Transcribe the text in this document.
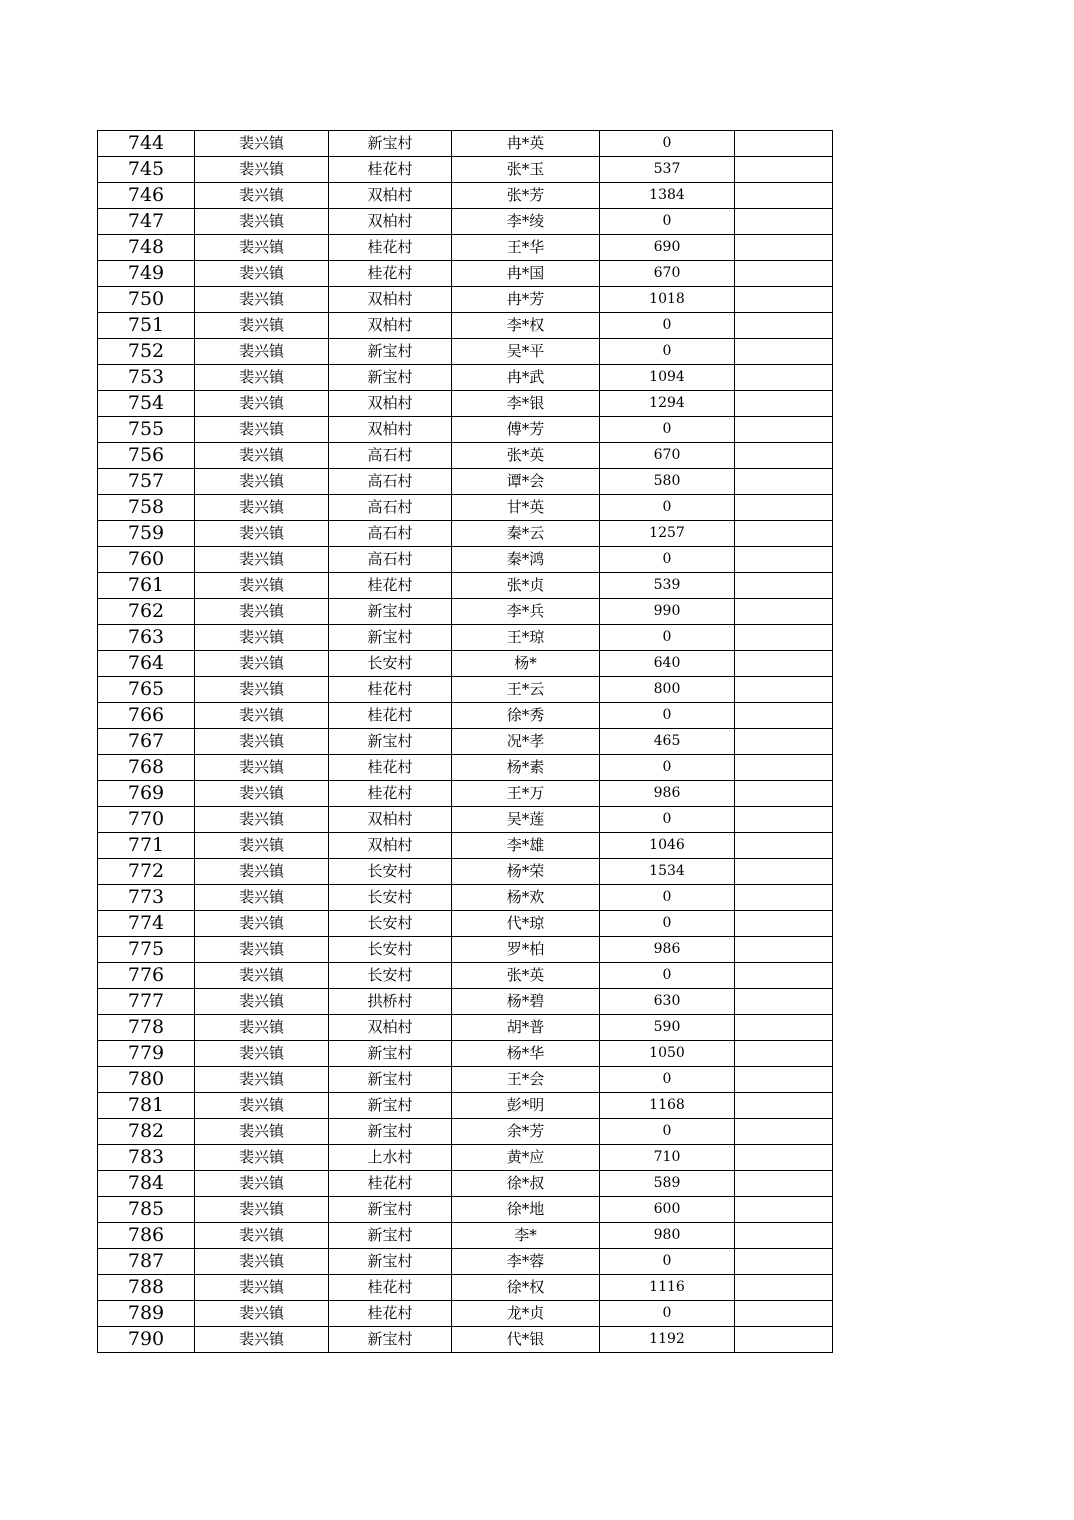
744	裴兴镇	新宝村	冉*英	0	
745	裴兴镇	桂花村	张*玉	537	
746	裴兴镇	双柏村	张*芳	1384	
747	裴兴镇	双柏村	李*绫	0	
748	裴兴镇	桂花村	王*华	690	
749	裴兴镇	桂花村	冉*国	670	
750	裴兴镇	双柏村	冉*芳	1018	
751	裴兴镇	双柏村	李*权	0	
752	裴兴镇	新宝村	吴*平	0	
753	裴兴镇	新宝村	冉*武	1094	
754	裴兴镇	双柏村	李*银	1294	
755	裴兴镇	双柏村	傅*芳	0	
756	裴兴镇	高石村	张*英	670	
757	裴兴镇	高石村	谭*会	580	
758	裴兴镇	高石村	甘*英	0	
759	裴兴镇	高石村	秦*云	1257	
760	裴兴镇	高石村	秦*鸿	0	
761	裴兴镇	桂花村	张*贞	539	
762	裴兴镇	新宝村	李*兵	990	
763	裴兴镇	新宝村	王*琼	0	
764	裴兴镇	长安村	杨*	640	
765	裴兴镇	桂花村	王*云	800	
766	裴兴镇	桂花村	徐*秀	0	
767	裴兴镇	新宝村	况*孝	465	
768	裴兴镇	桂花村	杨*素	0	
769	裴兴镇	桂花村	王*万	986	
770	裴兴镇	双柏村	吴*莲	0	
771	裴兴镇	双柏村	李*雄	1046	
772	裴兴镇	长安村	杨*荣	1534	
773	裴兴镇	长安村	杨*欢	0	
774	裴兴镇	长安村	代*琼	0	
775	裴兴镇	长安村	罗*柏	986	
776	裴兴镇	长安村	张*英	0	
777	裴兴镇	拱桥村	杨*碧	630	
778	裴兴镇	双柏村	胡*普	590	
779	裴兴镇	新宝村	杨*华	1050	
780	裴兴镇	新宝村	王*会	0	
781	裴兴镇	新宝村	彭*明	1168	
782	裴兴镇	新宝村	余*芳	0	
783	裴兴镇	上水村	黄*应	710	
784	裴兴镇	桂花村	徐*叔	589	
785	裴兴镇	新宝村	徐*地	600	
786	裴兴镇	新宝村	李*	980	
787	裴兴镇	新宝村	李*蓉	0	
788	裴兴镇	桂花村	徐*权	1116	
789	裴兴镇	桂花村	龙*贞	0	
790	裴兴镇	新宝村	代*银	1192	
